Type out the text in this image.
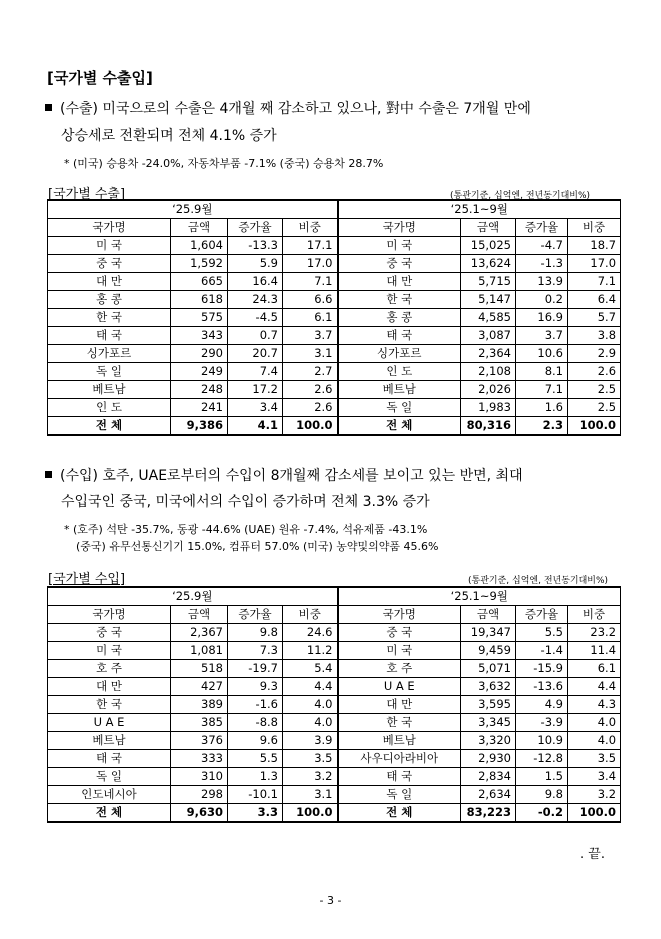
[국가별 수출입]
(수출) 미국으로의 수출은 4개월 째 감소하고 있으나, 對中 수출은 7개월 만에
상승세로 전환되며 전체 4.1% 증가
* (미국) 승용차 -24.0%, 자동차부품 -7.1% (중국) 승용차 28.7%
[국가별 수출]	(통관기준, 십억엔, 전년동기대비%)
‘25.9월				‘25.1~9월			
국가명	금액	증가율	비중	국가명	금액	증가율	비중
미 국	1,604	-13.3	17.1	미 국	15,025	-4.7	18.7
중 국	1,592	5.9	17.0	중 국	13,624	-1.3	17.0
대 만	665	16.4	7.1	대 만	5,715	13.9	7.1
홍 콩	618	24.3	6.6	한 국	5,147	0.2	6.4
한 국	575	-4.5	6.1	홍 콩	4,585	16.9	5.7
태 국	343	0.7	3.7	태 국	3,087	3.7	3.8
싱가포르	290	20.7	3.1	싱가포르	2,364	10.6	2.9
독 일	249	7.4	2.7	인 도	2,108	8.1	2.6
베트남	248	17.2	2.6	베트남	2,026	7.1	2.5
인 도	241	3.4	2.6	독 일	1,983	1.6	2.5
전 체	9,386	4.1	100.0	전 체	80,316	2.3	100.0
(수입) 호주, UAE로부터의 수입이 8개월째 감소세를 보이고 있는 반면, 최대
수입국인 중국, 미국에서의 수입이 증가하며 전체 3.3% 증가
* (호주) 석탄 -35.7%, 동광 -44.6% (UAE) 원유 -7.4%, 석유제품 -43.1%
(중국) 유무선통신기기 15.0%, 컴퓨터 57.0% (미국) 농약및의약품 45.6%
[국가별 수입]	(통관기준, 십억엔, 전년동기대비%)
‘25.9월				‘25.1~9월			
국가명	금액	증가율	비중	국가명	금액	증가율	비중
중 국	2,367	9.8	24.6	중 국	19,347	5.5	23.2
미 국	1,081	7.3	11.2	미 국	9,459	-1.4	11.4
호 주	518	-19.7	5.4	호 주	5,071	-15.9	6.1
대 만	427	9.3	4.4	U A E	3,632	-13.6	4.4
한 국	389	-1.6	4.0	대 만	3,595	4.9	4.3
U A E	385	-8.8	4.0	한 국	3,345	-3.9	4.0
베트남	376	9.6	3.9	베트남	3,320	10.9	4.0
태 국	333	5.5	3.5	사우디아라비아	2,930	-12.8	3.5
독 일	310	1.3	3.2	태 국	2,834	1.5	3.4
인도네시아	298	-10.1	3.1	독 일	2,634	9.8	3.2
전 체	9,630	3.3	100.0	전 체	83,223	-0.2	100.0
. 끝.
- 3 -
